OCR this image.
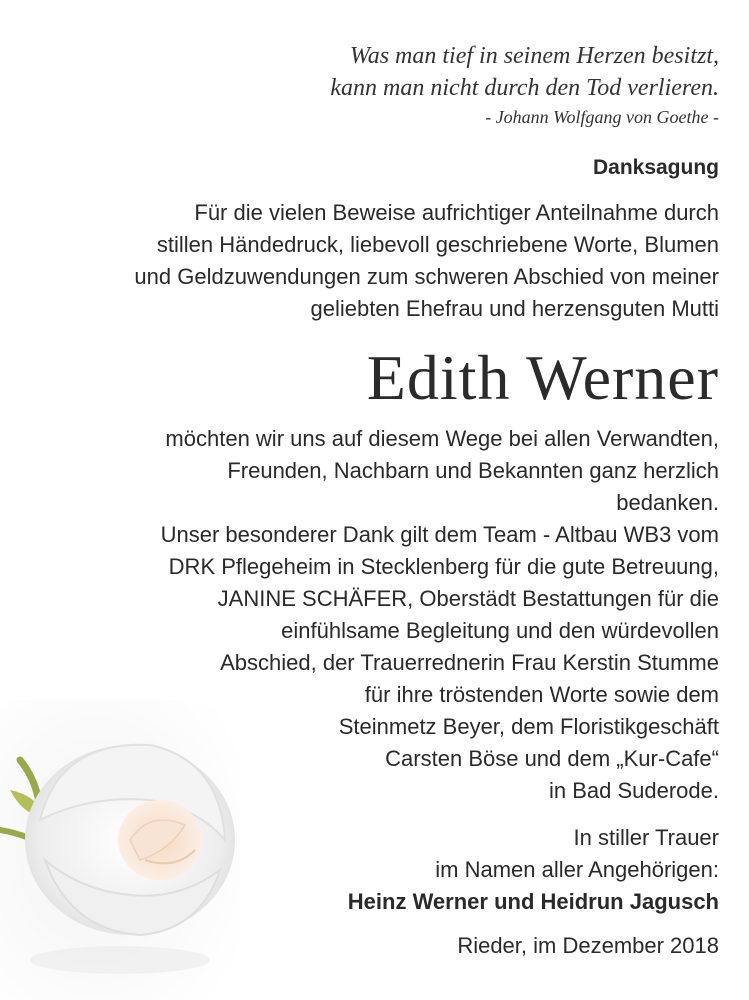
Was man tief in seinem Herzen besitzt,
kann man nicht durch den Tod verlieren.
- Johann Wolfgang von Goethe -
Danksagung
Für die vielen Beweise aufrichtiger Anteilnahme durch
stillen Händedruck, liebevoll geschriebene Worte, Blumen
und Geldzuwendungen zum schweren Abschied von meiner
geliebten Ehefrau und herzensguten Mutti
Edith Werner
möchten wir uns auf diesem Wege bei allen Verwandten,
Freunden, Nachbarn und Bekannten ganz herzlich
bedanken.
Unser besonderer Dank gilt dem Team - Altbau WB3 vom
DRK Pflegeheim in Stecklenberg für die gute Betreuung,
JANINE SCHÄFER, Oberstädt Bestattungen für die
einfühlsame Begleitung und den würdevollen
Abschied, der Trauerrednerin Frau Kerstin Stumme
für ihre tröstenden Worte sowie dem
Steinmetz Beyer, dem Floristikgeschäft
Carsten Böse und dem „Kur-Cafe“
in Bad Suderode.
In stiller Trauer
im Namen aller Angehörigen:
Heinz Werner und Heidrun Jagusch
Rieder, im Dezember 2018
